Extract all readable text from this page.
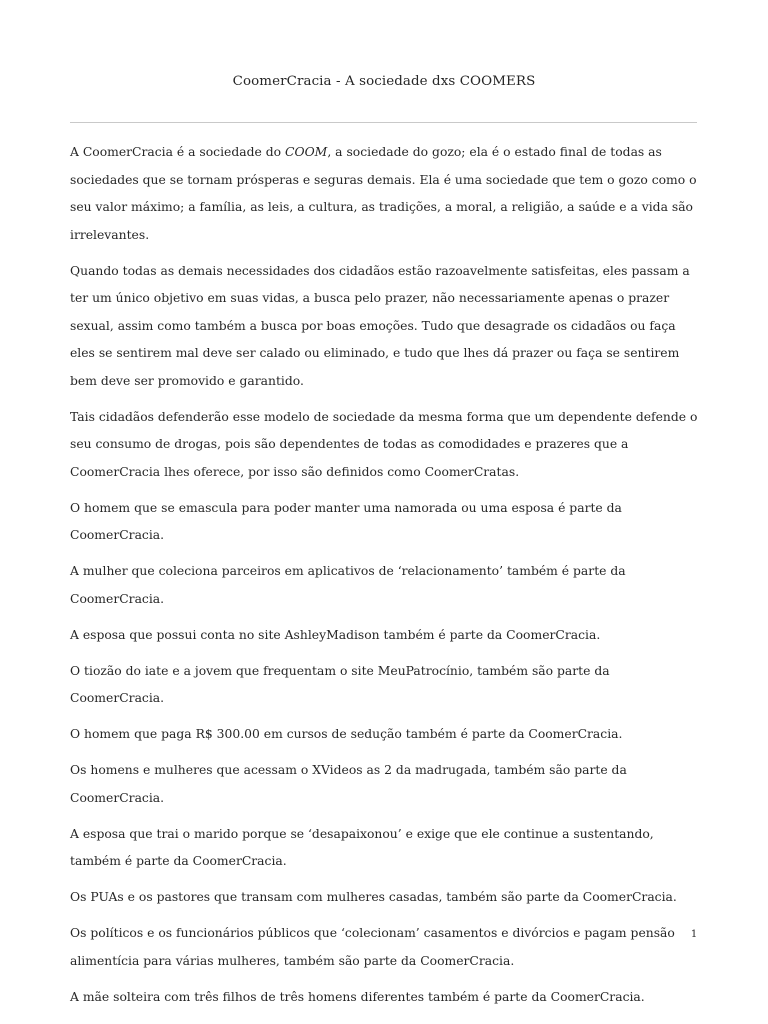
CoomerCracia - A sociedade dxs COOMERS

A CoomerCracia é a sociedade do COOM, a sociedade do gozo; ela é o estado final de todas as sociedades que se tornam prósperas e seguras demais. Ela é uma sociedade que tem o gozo como o seu valor máximo; a família, as leis, a cultura, as tradições, a moral, a religião, a saúde e a vida são irrelevantes.

Quando todas as demais necessidades dos cidadãos estão razoavelmente satisfeitas, eles passam a ter um único objetivo em suas vidas, a busca pelo prazer, não necessariamente apenas o prazer sexual, assim como também a busca por boas emoções. Tudo que desagrade os cidadãos ou faça eles se sentirem mal deve ser calado ou eliminado, e tudo que lhes dá prazer ou faça se sentirem bem deve ser promovido e garantido.

Tais cidadãos defenderão esse modelo de sociedade da mesma forma que um dependente defende o seu consumo de drogas, pois são dependentes de todas as comodidades e prazeres que a CoomerCracia lhes oferece, por isso são definidos como CoomerCratas.

O homem que se emascula para poder manter uma namorada ou uma esposa é parte da CoomerCracia.

A mulher que coleciona parceiros em aplicativos de ‘relacionamento’ também é parte da CoomerCracia.

A esposa que possui conta no site AshleyMadison também é parte da CoomerCracia.

O tiozão do iate e a jovem que frequentam o site MeuPatrocínio, também são parte da CoomerCracia.

O homem que paga R$ 300.00 em cursos de sedução também é parte da CoomerCracia.

Os homens e mulheres que acessam o XVideos as 2 da madrugada, também são parte da CoomerCracia.

A esposa que trai o marido porque se ‘desapaixonou’ e exige que ele continue a sustentando, também é parte da CoomerCracia.

Os PUAs e os pastores que transam com mulheres casadas, também são parte da CoomerCracia.

Os políticos e os funcionários públicos que ‘colecionam’ casamentos e divórcios e pagam pensão alimentícia para várias mulheres, também são parte da CoomerCracia.

A mãe solteira com três filhos de três homens diferentes também é parte da CoomerCracia.

1
